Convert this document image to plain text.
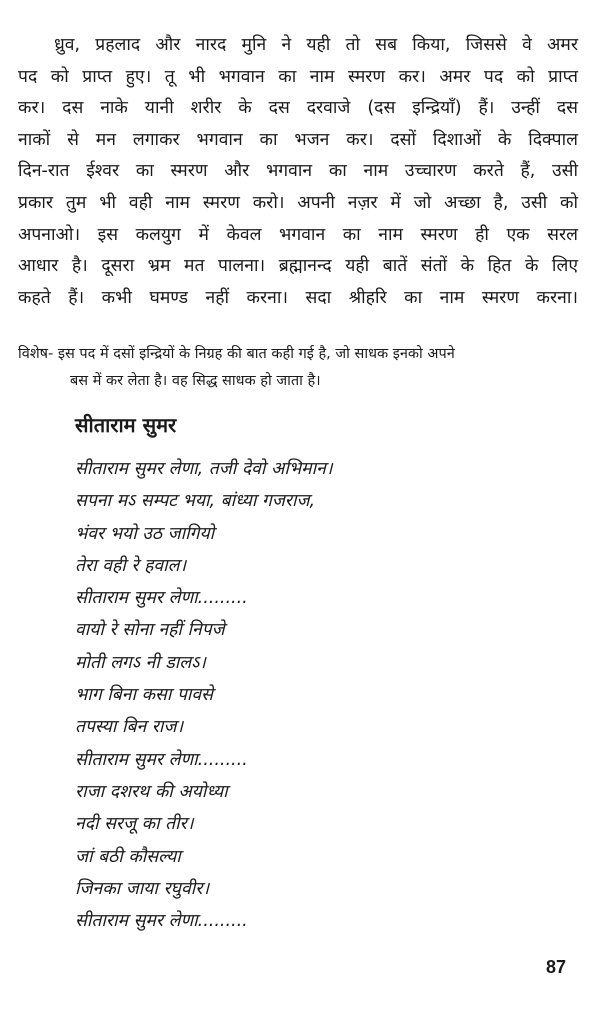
ध्रुव, प्रहलाद और नारद मुनि ने यही तो सब किया, जिससे वे अमर
पद को प्राप्त हुए। तू भी भगवान का नाम स्मरण कर। अमर पद को प्राप्त
कर। दस नाके यानी शरीर के दस दरवाजे (दस इन्द्रियाँ) हैं। उन्हीं दस
नाकों से मन लगाकर भगवान का भजन कर। दसों दिशाओं के दिक्पाल
दिन-रात ईश्वर का स्मरण और भगवान का नाम उच्चारण करते हैं, उसी
प्रकार तुम भी वही नाम स्मरण करो। अपनी नज़र में जो अच्छा है, उसी को
अपनाओ। इस कलयुग में केवल भगवान का नाम स्मरण ही एक सरल
आधार है। दूसरा भ्रम मत पालना। ब्रह्मानन्द यही बातें संतों के हित के लिए
कहते हैं। कभी घमण्ड नहीं करना। सदा श्रीहरि का नाम स्मरण करना।
विशेष- इस पद में दसों इन्द्रियों के निग्रह की बात कही गई है, जो साधक इनको अपने
बस में कर लेता है। वह सिद्ध साधक हो जाता है।
सीताराम सुमर
सीताराम सुमर लेणा, तजी देवो अभिमान।
सपना मऽ सम्पट भया, बांध्या गजराज,
भंवर भयो उठ जागियो
तेरा वही रे हवाल।
सीताराम सुमर लेणा.........
वायो रे सोना नहीं निपजे
मोती लगऽ नी डालऽ।
भाग बिना कसा पावसे
तपस्या बिन राज।
सीताराम सुमर लेणा.........
राजा दशरथ की अयोध्या
नदी सरजू का तीर।
जां बठी कौसल्या
जिनका जाया रघुवीर।
सीताराम सुमर लेणा.........
87
